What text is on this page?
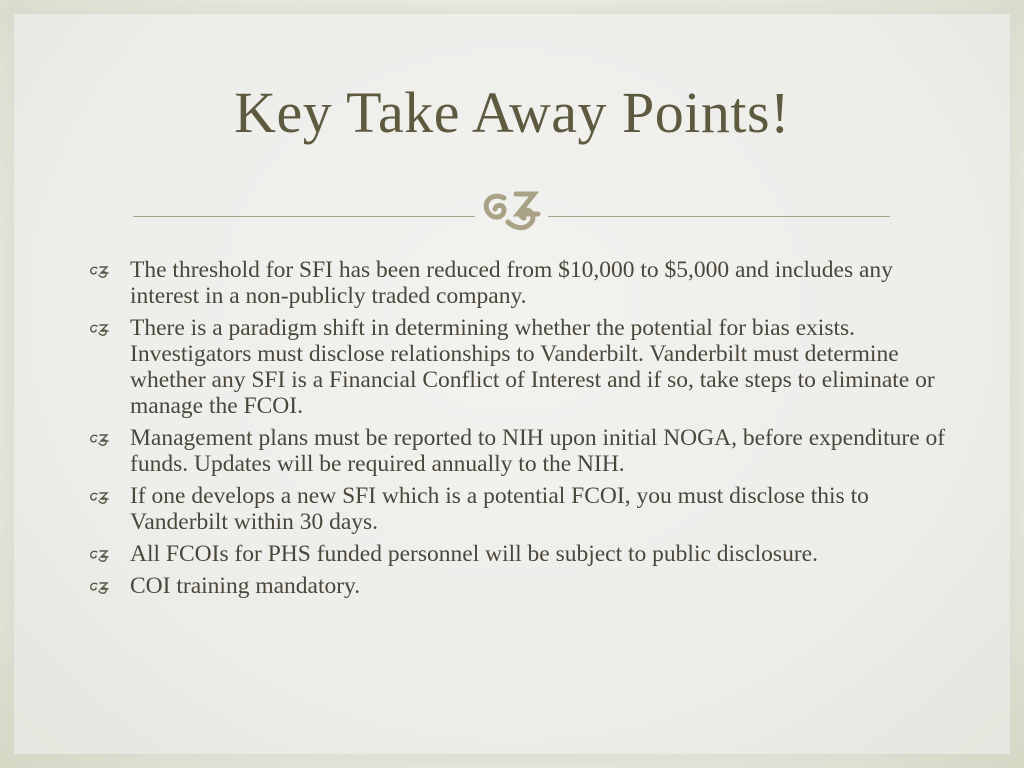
Key Take Away Points!
The threshold for SFI has been reduced from $10,000 to $5,000 and includes any interest in a non-publicly traded company.
There is a paradigm shift in determining whether the potential for bias exists. Investigators must disclose relationships to Vanderbilt. Vanderbilt must determine whether any SFI is a Financial Conflict of Interest and if so, take steps to eliminate or manage the FCOI.
Management plans must be reported to NIH upon initial NOGA, before expenditure of funds. Updates will be required annually to the NIH.
If one develops a new SFI which is a potential FCOI, you must disclose this to Vanderbilt within 30 days.
All FCOIs for PHS funded personnel will be subject to public disclosure.
COI training mandatory.
